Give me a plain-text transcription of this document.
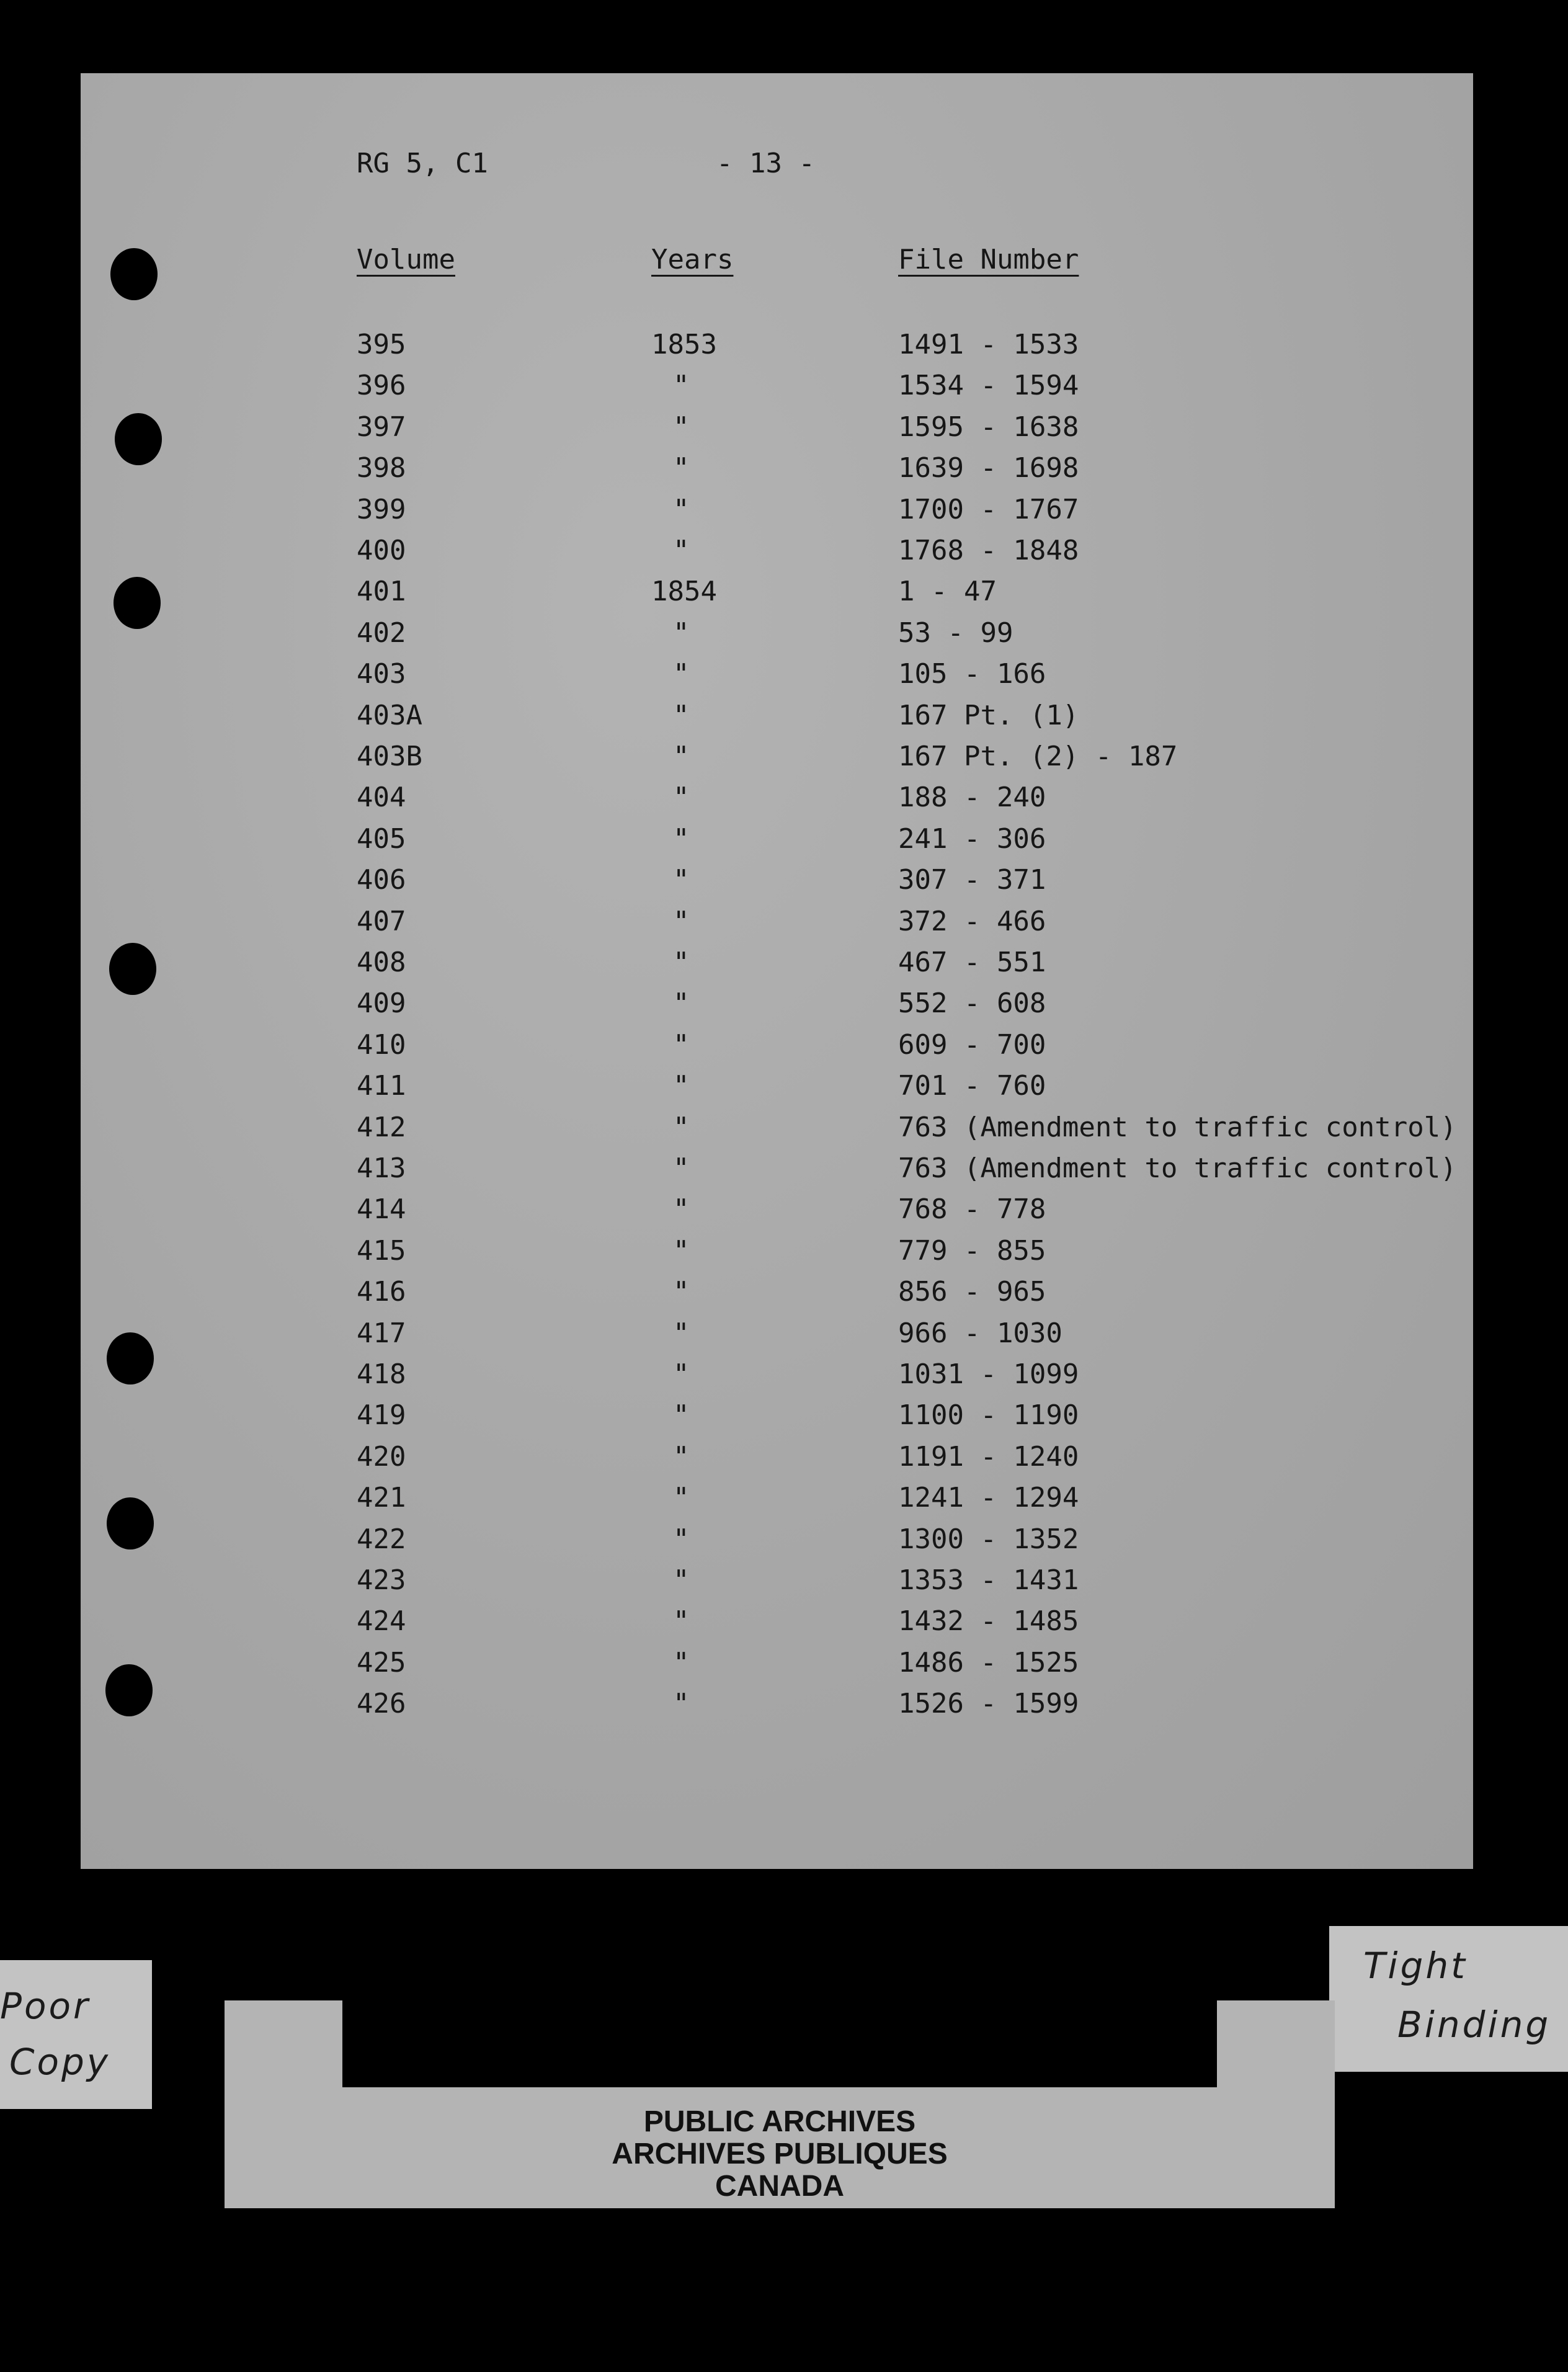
RG 5, C1	- 13 -
Volume	Years	File Number
395	1853	1491 - 1533
396	"	1534 - 1594
397	"	1595 - 1638
398	"	1639 - 1698
399	"	1700 - 1767
400	"	1768 - 1848
401	1854	1 - 47
402	"	53 - 99
403	"	105 - 166
403A	"	167 Pt. (1)
403B	"	167 Pt. (2) - 187
404	"	188 - 240
405	"	241 - 306
406	"	307 - 371
407	"	372 - 466
408	"	467 - 551
409	"	552 - 608
410	"	609 - 700
411	"	701 - 760
412	"	763 (Amendment to traffic control)
413	"	763 (Amendment to traffic control)
414	"	768 - 778
415	"	779 - 855
416	"	856 - 965
417	"	966 - 1030
418	"	1031 - 1099
419	"	1100 - 1190
420	"	1191 - 1240
421	"	1241 - 1294
422	"	1300 - 1352
423	"	1353 - 1431
424	"	1432 - 1485
425	"	1486 - 1525
426	"	1526 - 1599
Poor
Copy
Tight
Binding
PUBLIC ARCHIVES
ARCHIVES PUBLIQUES
CANADA
